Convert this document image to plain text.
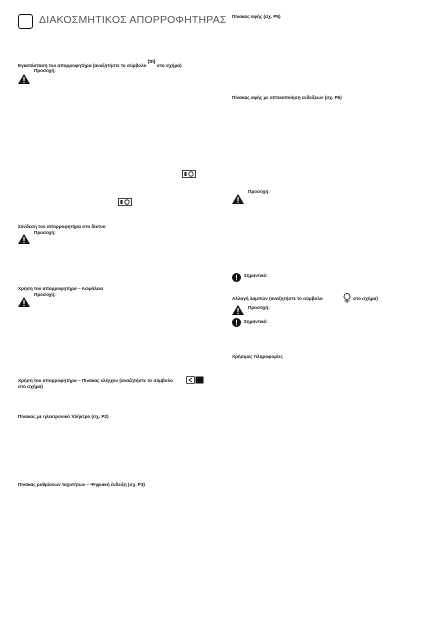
ΔΙΑΚΟΣΜΗΤΙΚΟΣ ΑΠΟΡΡΟΦΗΤΗΡΑΣ
Εγκατάσταση του απορροφητήρα (αναζητήστε το σύμβολο (m) στο σχήμα)
Προσοχή:
Σύνδεση του απορροφητήρα στο δίκτυο
Προσοχή:
Χρήση του απορροφητήρα – Ασφάλεια
Προσοχή:
Χρήση του απορροφητήρα – Πίνακας ελέγχου (αναζητήστε το σύμβολο
στο σχήμα)
Πίνακας με ηλεκτρονικό πλήκτρο (σχ. P2)
Πίνακας ρυθμίσεων ταχυτήτων – Ψηφιακή ένδειξη (σχ. P3)
Πίνακας αφής (σχ. P5)
Πίνακας αφής με οπτικοποίηση ενδείξεων (σχ. P6)
Προσοχή:
Σημαντικό:
Αλλαγή λαμπών (αναζητήστε το σύμβολο	στο σχήμα)
Προσοχή:
Σημαντικό:
Χρήσιμες πληροφορίες
